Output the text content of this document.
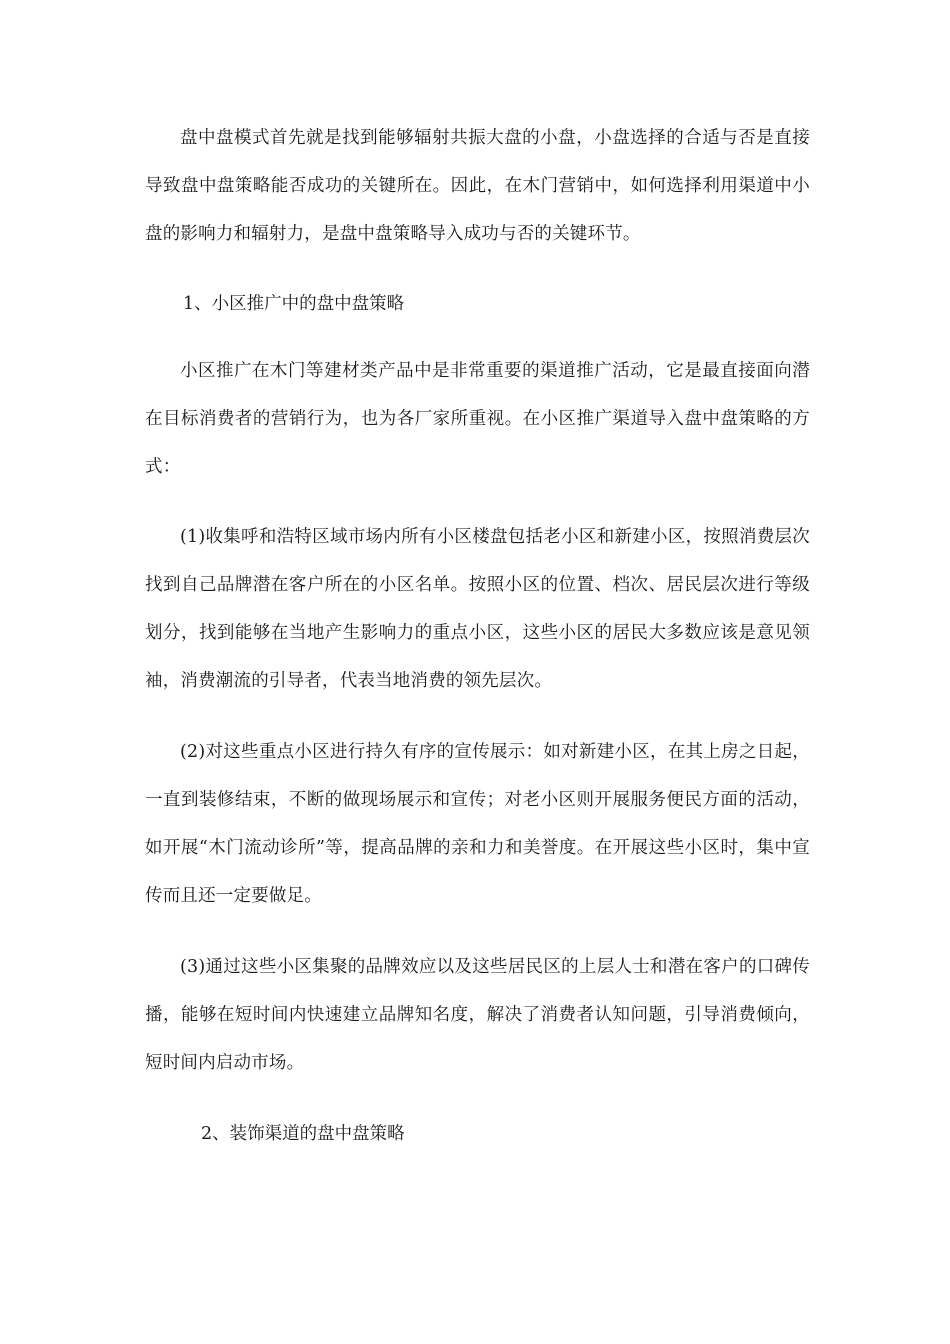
盘中盘模式首先就是找到能够辐射共振大盘的小盘，小盘选择的合适与否是直接导致盘中盘策略能否成功的关键所在。因此，在木门营销中，如何选择利用渠道中小盘的影响力和辐射力，是盘中盘策略导入成功与否的关键环节。

1、小区推广中的盘中盘策略

小区推广在木门等建材类产品中是非常重要的渠道推广活动，它是最直接面向潜在目标消费者的营销行为，也为各厂家所重视。在小区推广渠道导入盘中盘策略的方式：

(1)收集呼和浩特区域市场内所有小区楼盘包括老小区和新建小区，按照消费层次找到自己品牌潜在客户所在的小区名单。按照小区的位置、档次、居民层次进行等级划分，找到能够在当地产生影响力的重点小区，这些小区的居民大多数应该是意见领袖，消费潮流的引导者，代表当地消费的领先层次。

(2)对这些重点小区进行持久有序的宣传展示：如对新建小区，在其上房之日起，一直到装修结束，不断的做现场展示和宣传；对老小区则开展服务便民方面的活动，如开展“木门流动诊所”等，提高品牌的亲和力和美誉度。在开展这些小区时，集中宣传而且还一定要做足。

(3)通过这些小区集聚的品牌效应以及这些居民区的上层人士和潜在客户的口碑传播，能够在短时间内快速建立品牌知名度，解决了消费者认知问题，引导消费倾向，短时间内启动市场。

2、装饰渠道的盘中盘策略
